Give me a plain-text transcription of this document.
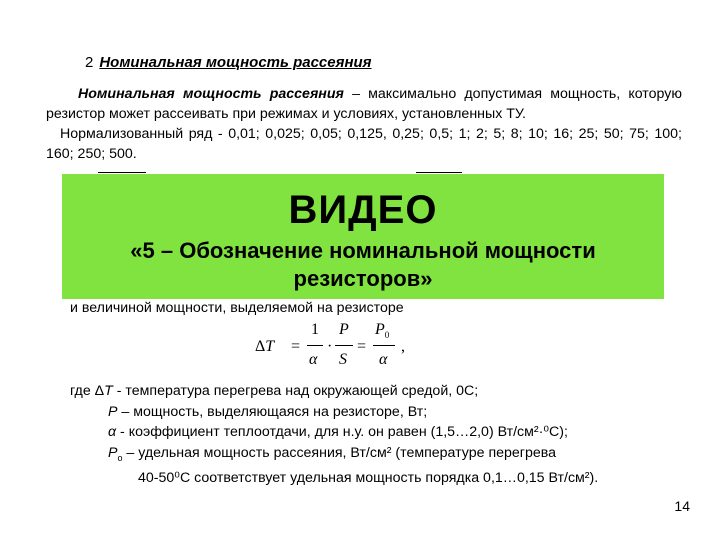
2 Номинальная мощность рассеяния

Номинальная мощность рассеяния – максимально допустимая мощность, которую резистор может рассеивать при режимах и условиях, установленных ТУ.

Нормализованный ряд - 0,01; 0,025; 0,05; 0,125, 0,25; 0,5; 1; 2; 5; 8; 10; 16; 25; 50; 75; 100; 160; 250; 500.

ВИДЕО
«5 – Обозначение номинальной мощности резисторов»
и величиной мощности, выделяемой на резисторе
ΔT =
1
α
·
P
S
=
$P_0$
α
,
где ΔT - температура перегрева над окружающей средой, 0С;
P – мощность, выделяющаяся на резисторе, Вт;
α - коэффициент теплоотдачи, для н.у. он равен (1,5…2,0) Вт/см²·⁰С);
$P_о$ – удельная мощность рассеяния, Вт/см² (температуре перегрева
40-50⁰С соответствует удельная мощность порядка 0,1…0,15 Вт/см²).
14
